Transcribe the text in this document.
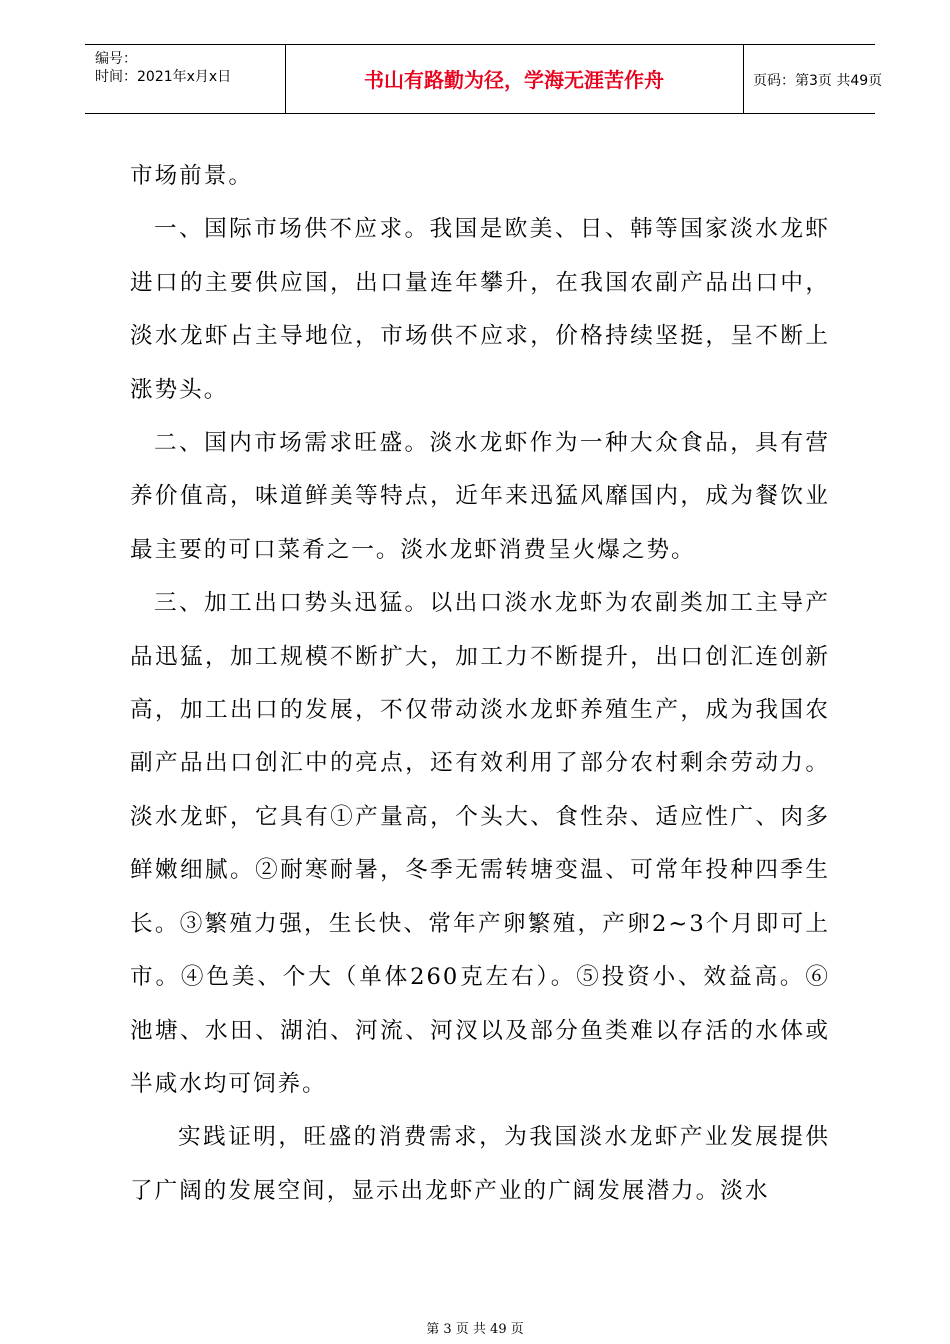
编号：
时间：2021年x月x日	书山有路勤为径，学海无涯苦作舟	页码：第3页 共49页

市场前景。

一、国际市场供不应求。我国是欧美、日、韩等国家淡水龙虾进口的主要供应国，出口量连年攀升，在我国农副产品出口中，淡水龙虾占主导地位，市场供不应求，价格持续坚挺，呈不断上涨势头。

二、国内市场需求旺盛。淡水龙虾作为一种大众食品，具有营养价值高，味道鲜美等特点，近年来迅猛风靡国内，成为餐饮业最主要的可口菜肴之一。淡水龙虾消费呈火爆之势。

三、加工出口势头迅猛。以出口淡水龙虾为农副类加工主导产品迅猛，加工规模不断扩大，加工力不断提升，出口创汇连创新高，加工出口的发展，不仅带动淡水龙虾养殖生产，成为我国农副产品出口创汇中的亮点，还有效利用了部分农村剩余劳动力。淡水龙虾，它具有①产量高，个头大、食性杂、适应性广、肉多鲜嫩细腻。②耐寒耐暑，冬季无需转塘变温、可常年投种四季生长。③繁殖力强，生长快、常年产卵繁殖，产卵2~3个月即可上市。④色美、个大（单体260克左右）。⑤投资小、效益高。⑥池塘、水田、湖泊、河流、河汊以及部分鱼类难以存活的水体或半咸水均可饲养。

实践证明，旺盛的消费需求，为我国淡水龙虾产业发展提供了广阔的发展空间，显示出龙虾产业的广阔发展潜力。淡水

第 3 页 共 49 页
